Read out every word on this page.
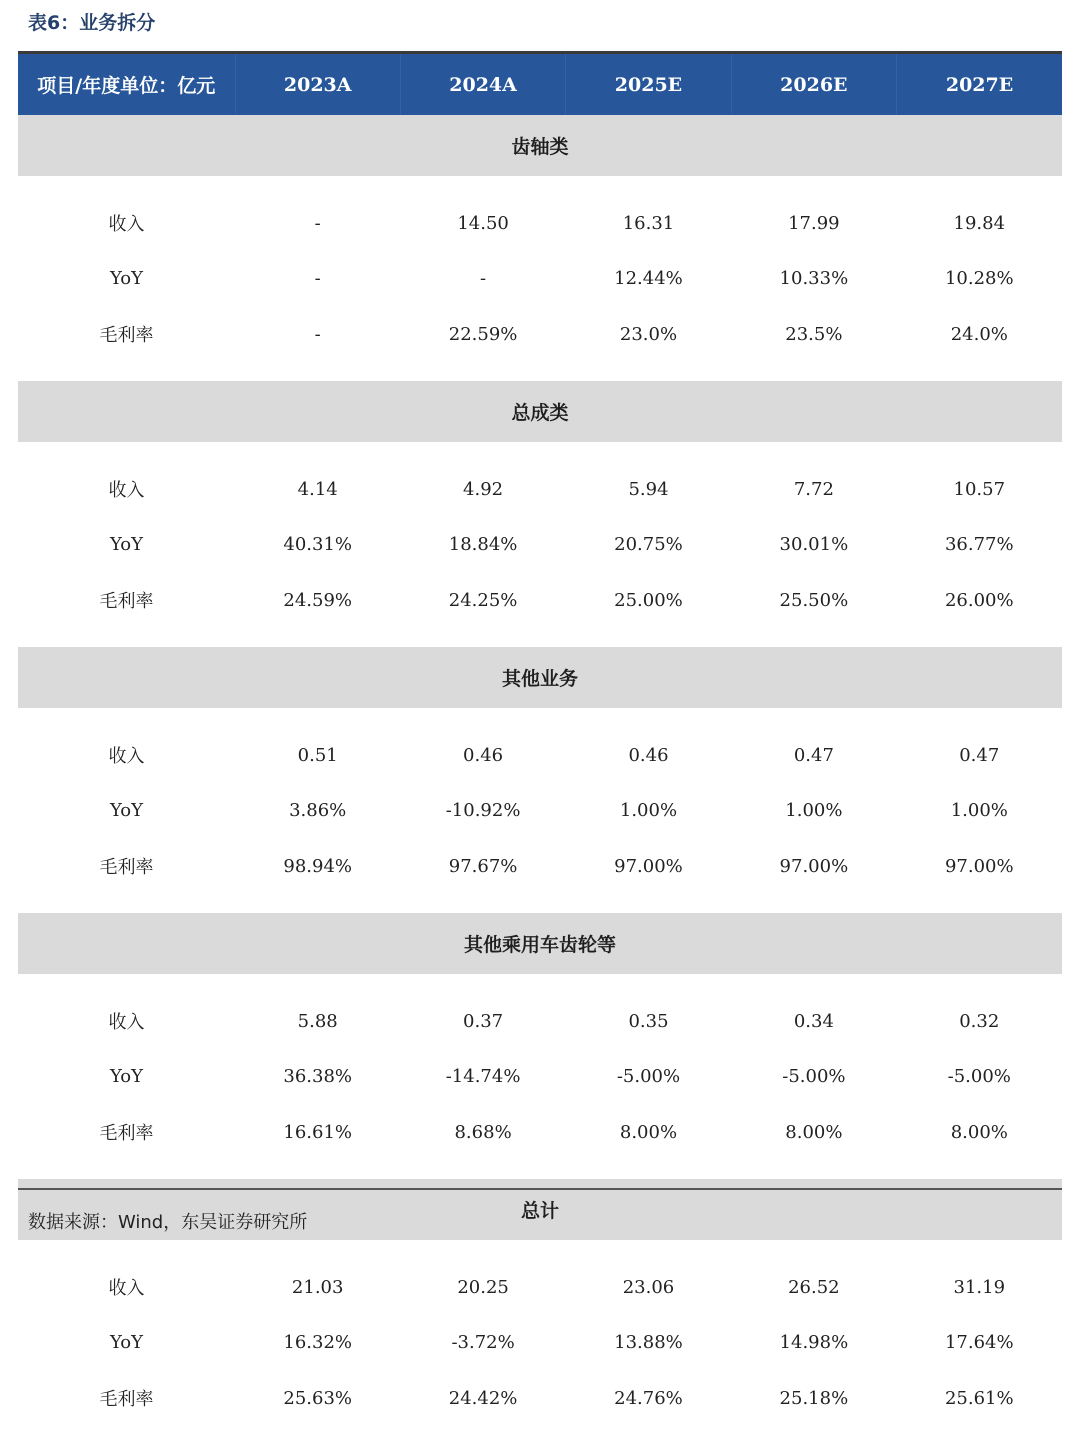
表6：业务拆分
项目/年度单位：亿元	2023A	2024A	2025E	2026E	2027E
齿轴类					
收入	-	14.50	16.31	17.99	19.84
YoY	-	-	12.44%	10.33%	10.28%
毛利率	-	22.59%	23.0%	23.5%	24.0%
总成类					
收入	4.14	4.92	5.94	7.72	10.57
YoY	40.31%	18.84%	20.75%	30.01%	36.77%
毛利率	24.59%	24.25%	25.00%	25.50%	26.00%
其他业务					
收入	0.51	0.46	0.46	0.47	0.47
YoY	3.86%	-10.92%	1.00%	1.00%	1.00%
毛利率	98.94%	97.67%	97.00%	97.00%	97.00%
其他乘用车齿轮等					
收入	5.88	0.37	0.35	0.34	0.32
YoY	36.38%	-14.74%	-5.00%	-5.00%	-5.00%
毛利率	16.61%	8.68%	8.00%	8.00%	8.00%
总计					
收入	21.03	20.25	23.06	26.52	31.19
YoY	16.32%	-3.72%	13.88%	14.98%	17.64%
毛利率	25.63%	24.42%	24.76%	25.18%	25.61%
数据来源：Wind，东吴证券研究所
